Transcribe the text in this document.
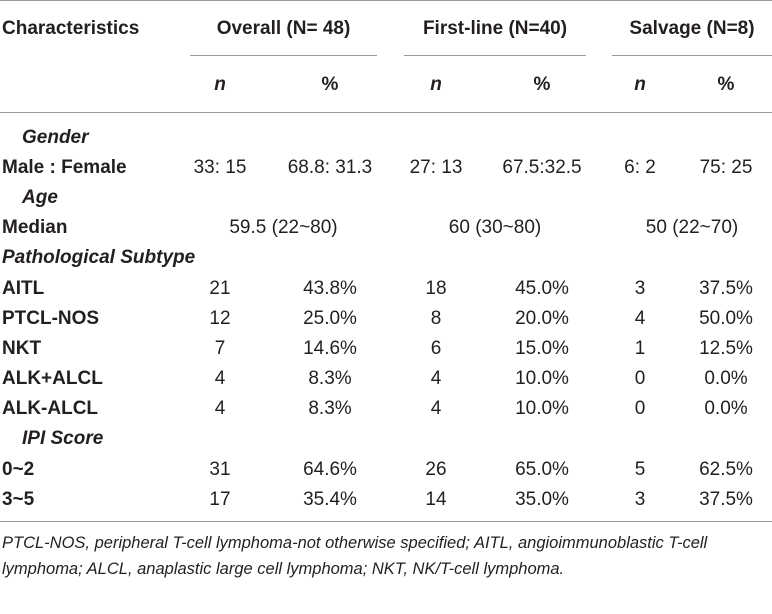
Characteristics	Overall (N= 48)	First-line (N=40)	Salvage (N=8)
n	%	n	%	n	%
Gender
Male : Female	33: 15	68.8: 31.3	27: 13	67.5:32.5	6: 2	75: 25
Age
Median	59.5 (22~80)	60 (30~80)	50 (22~70)
Pathological Subtype
AITL	21	43.8%	18	45.0%	3	37.5%
PTCL-NOS	12	25.0%	8	20.0%	4	50.0%
NKT	7	14.6%	6	15.0%	1	12.5%
ALK+ALCL	4	8.3%	4	10.0%	0	0.0%
ALK-ALCL	4	8.3%	4	10.0%	0	0.0%
IPI Score
0~2	31	64.6%	26	65.0%	5	62.5%
3~5	17	35.4%	14	35.0%	3	37.5%
PTCL-NOS, peripheral T-cell lymphoma-not otherwise specified; AITL, angioimmunoblastic T-cell lymphoma; ALCL, anaplastic large cell lymphoma; NKT, NK/T-cell lymphoma.
